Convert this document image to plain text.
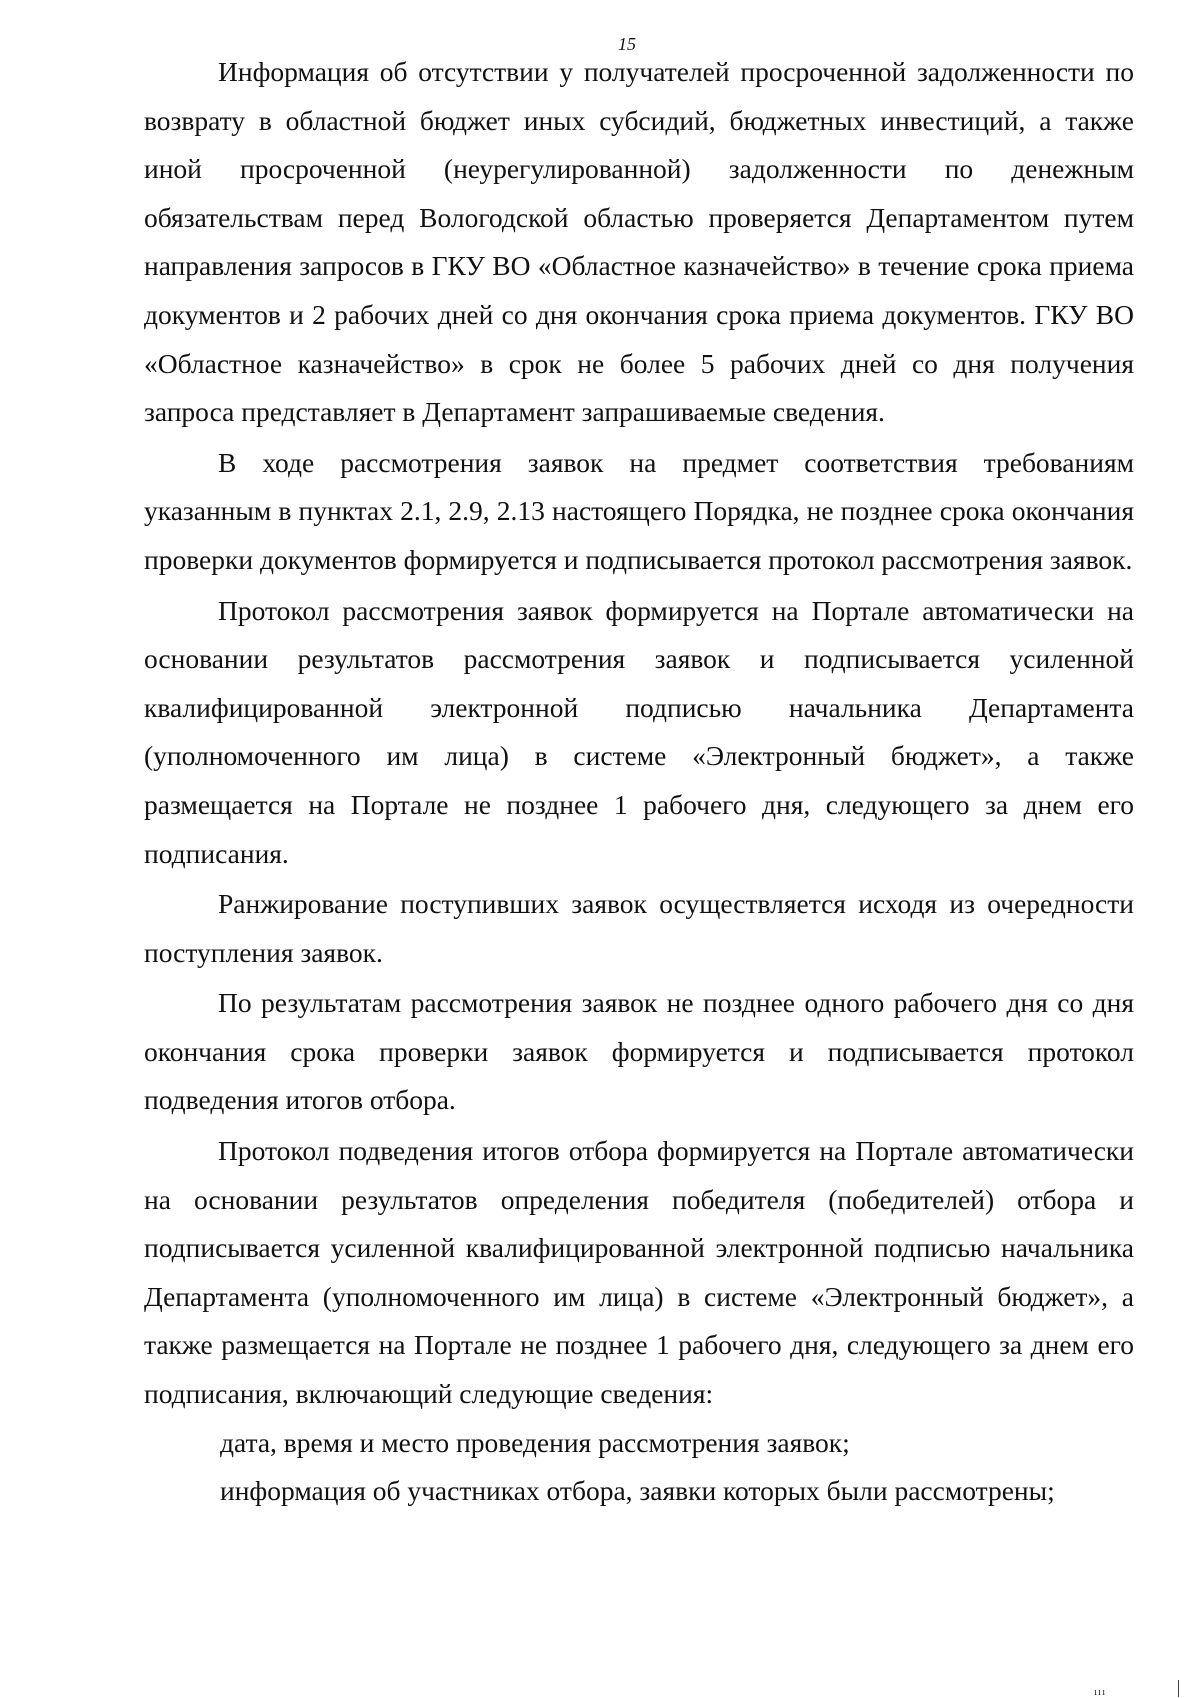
15

Информация об отсутствии у получателей просроченной задолженности по возврату в областной бюджет иных субсидий, бюджетных инвестиций, а также иной просроченной (неурегулированной) задолженности по денежным обязательствам перед Вологодской областью проверяется Департаментом путем направления запросов в ГКУ ВО «Областное казначейство» в течение срока приема документов и 2 рабочих дней со дня окончания срока приема документов. ГКУ ВО «Областное казначейство» в срок не более 5 рабочих дней со дня получения запроса представляет в Департамент запрашиваемые сведения.

В ходе рассмотрения заявок на предмет соответствия требованиям указанным в пунктах 2.1, 2.9, 2.13 настоящего Порядка, не позднее срока окончания проверки документов формируется и подписывается протокол рассмотрения заявок.

Протокол рассмотрения заявок формируется на Портале автоматически на основании результатов рассмотрения заявок и подписывается усиленной квалифицированной электронной подписью начальника Департамента (уполномоченного им лица) в системе «Электронный бюджет», а также размещается на Портале не позднее 1 рабочего дня, следующего за днем его подписания.

Ранжирование поступивших заявок осуществляется исходя из очередности поступления заявок.

По результатам рассмотрения заявок не позднее одного рабочего дня со дня окончания срока проверки заявок формируется и подписывается протокол подведения итогов отбора.

Протокол подведения итогов отбора формируется на Портале автоматически на основании результатов определения победителя (победителей) отбора и подписывается усиленной квалифицированной электронной подписью начальника Департамента (уполномоченного им лица) в системе «Электронный бюджет», а также размещается на Портале не позднее 1 рабочего дня, следующего за днем его подписания, включающий следующие сведения:

дата, время и место проведения рассмотрения заявок;

информация об участниках отбора, заявки которых были рассмотрены;

ııı
